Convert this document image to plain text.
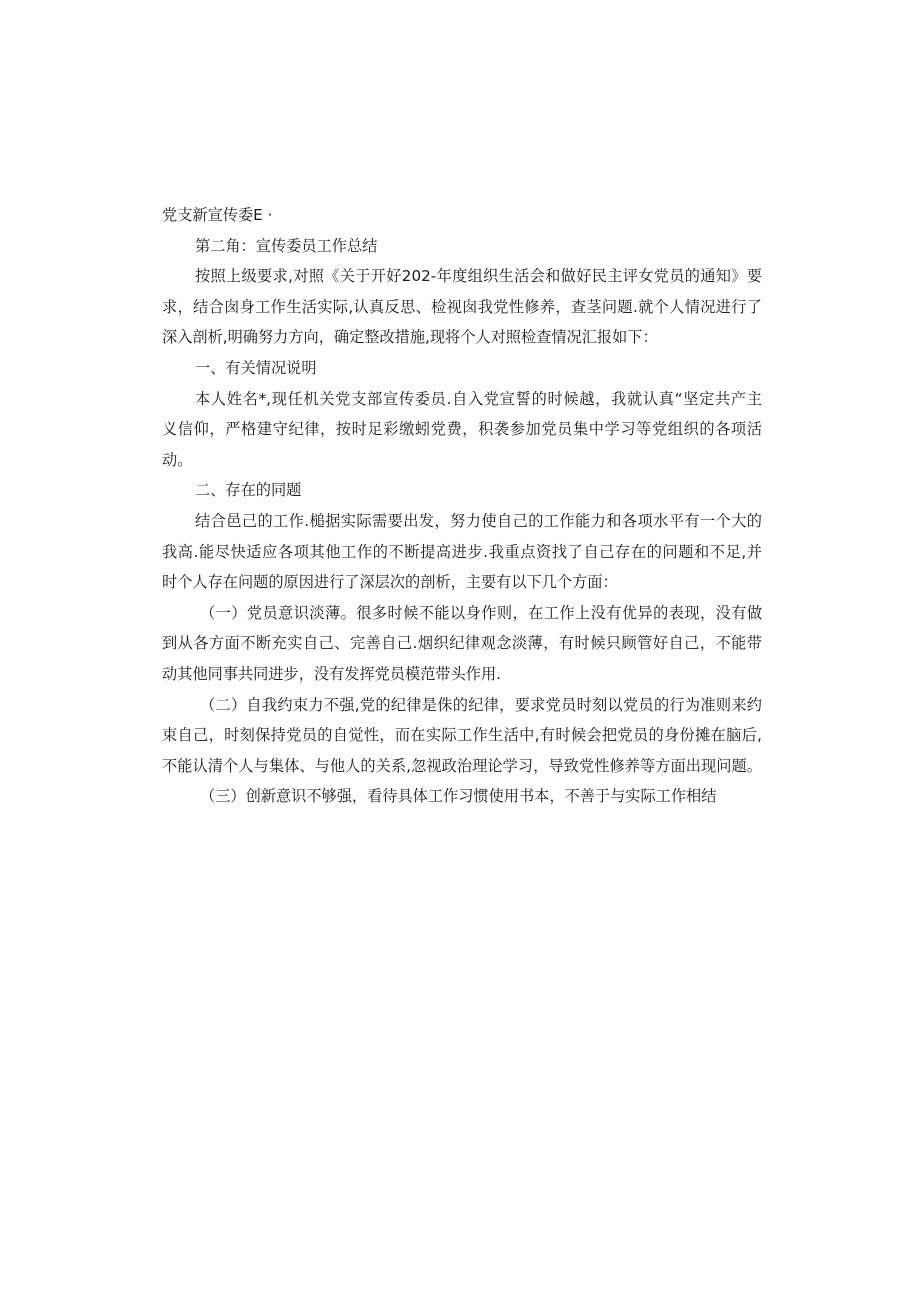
党支新宣传委E ·

第二角：宣传委员工作总结

按照上级要求,对照《关于开好202-年度组织生活会和做好民主评女党员的通知》要

求，结合囱身工作生活实际,认真反思、检视囱我党性修养，查茎问题.就个人情况进行了

深入剖析,明确努力方向，确定整改措施,现将个人对照检查情况汇报如下：

一、有关情况说明

本人姓名*,现任机关党支部宣传委员.自入党宣誓的时候越，我就认真“坚定共产主

义信仰，严格建守纪律，按时足彩缴蚓党费，积袭参加党员集中学习等党组织的各项活

动。

二、存在的同题

结合邑己的工作.槌据实际需要出发，努力使自己的工作能力和各项水平有一个大的

我高.能尽快适应各项其他工作的不断提高进步.我重点资找了自己存在的问题和不足,并

时个人存在问题的原因进行了深层次的剖析，主要有以下几个方面：

（一）党员意识淡薄。很多时候不能以身作则，在工作上没有优异的表现，没有做

到从各方面不断充实自己、完善自己.烟织纪律观念淡薄，有时候只顾管好自己，不能带

动其他同事共同进步，没有发挥党员模范带头作用.

（二）自我约束力不强,党的纪律是侏的纪律，要求党员时刻以党员的行为准则来约

束自己，时刻保持党员的自觉性，而在实际工作生活中,有时候会把党员的身份摊在脑后,

不能认清个人与集体、与他人的关系,忽视政治理论学习，导致党性修养等方面出现问题。

（三）创新意识不够强，看待具体工作习惯使用书本，不善于与实际工作相结
